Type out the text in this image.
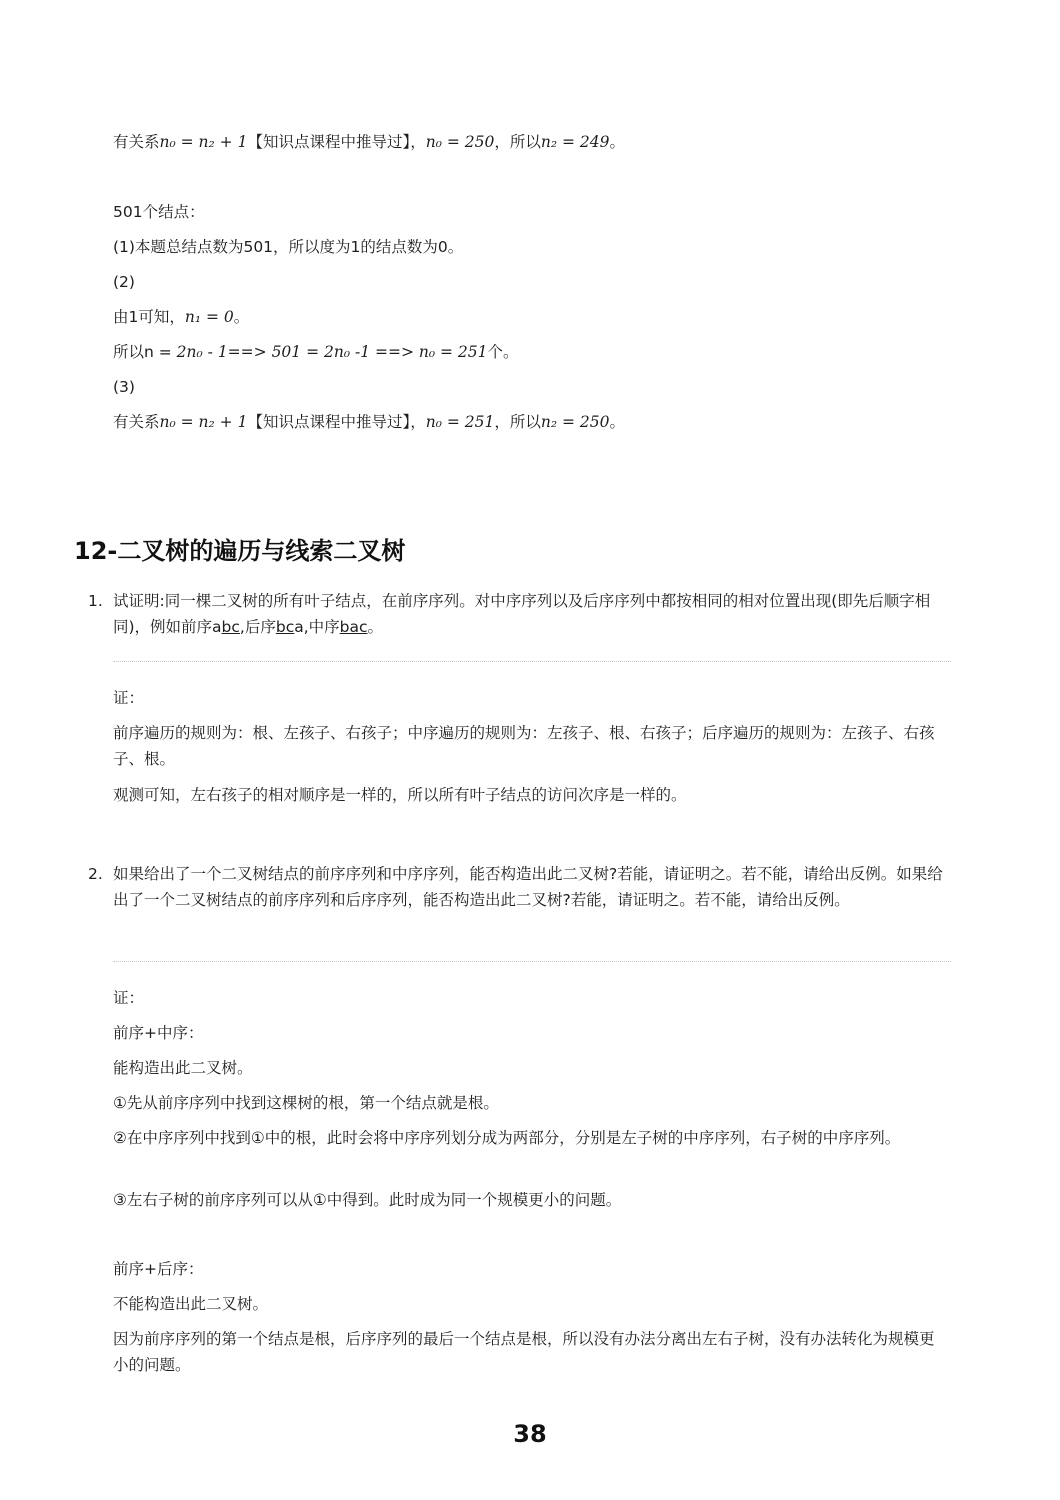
有关系n₀ = n₂ + 1【知识点课程中推导过】，n₀ = 250，所以n₂ = 249。
501个结点：
(1)本题总结点数为501，所以度为1的结点数为0。
(2)
由1可知，n₁ = 0。
所以n = 2n₀ - 1==> 501 = 2n₀ -1 ==> n₀ = 251个。
(3)
有关系n₀ = n₂ + 1【知识点课程中推导过】，n₀ = 251，所以n₂ = 250。
12-二叉树的遍历与线索二叉树
1. 试证明:同一棵二叉树的所有叶子结点，在前序序列。对中序序列以及后序序列中都按相同的相对位置出现(即先后顺字相同)，例如前序abc,后序bca,中序bac。
证：
前序遍历的规则为：根、左孩子、右孩子；中序遍历的规则为：左孩子、根、右孩子；后序遍历的规则为：左孩子、右孩子、根。
观测可知，左右孩子的相对顺序是一样的，所以所有叶子结点的访问次序是一样的。
2. 如果给出了一个二叉树结点的前序序列和中序序列，能否构造出此二叉树?若能，请证明之。若不能，请给出反例。如果给出了一个二叉树结点的前序序列和后序序列，能否构造出此二叉树?若能，请证明之。若不能，请给出反例。
证：
前序+中序：
能构造出此二叉树。
①先从前序序列中找到这棵树的根，第一个结点就是根。
②在中序序列中找到①中的根，此时会将中序序列划分成为两部分，分别是左子树的中序序列，右子树的中序序列。
③左右子树的前序序列可以从①中得到。此时成为同一个规模更小的问题。
前序+后序：
不能构造出此二叉树。
因为前序序列的第一个结点是根，后序序列的最后一个结点是根，所以没有办法分离出左右子树，没有办法转化为规模更小的问题。
38
